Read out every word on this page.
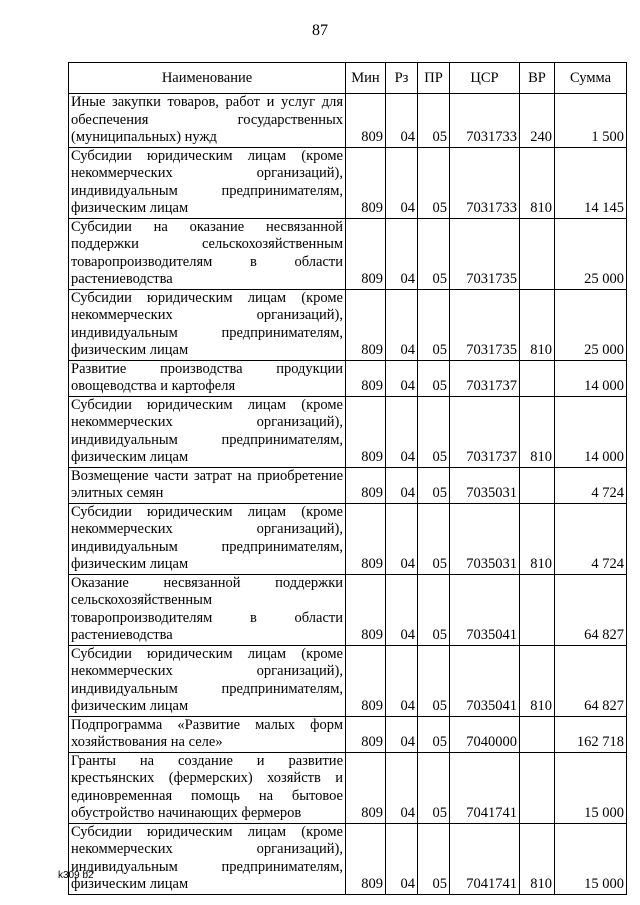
87
Наименование	Мин	Рз	ПР	ЦСР	ВР	Сумма
Иные закупки товаров, работ и услуг для обеспечения государственных (муниципальных) нужд	809	04	05	7031733	240	1 500
Субсидии юридическим лицам (кроме некоммерческих организаций), индивидуальным предпринимателям, физическим лицам	809	04	05	7031733	810	14 145
Субсидии на оказание несвязанной поддержки сельскохозяйственным товаропроизводителям в области растениеводства	809	04	05	7031735		25 000
Субсидии юридическим лицам (кроме некоммерческих организаций), индивидуальным предпринимателям, физическим лицам	809	04	05	7031735	810	25 000
Развитие производства продукции овощеводства и картофеля	809	04	05	7031737		14 000
Субсидии юридическим лицам (кроме некоммерческих организаций), индивидуальным предпринимателям, физическим лицам	809	04	05	7031737	810	14 000
Возмещение части затрат на приобретение элитных семян	809	04	05	7035031		4 724
Субсидии юридическим лицам (кроме некоммерческих организаций), индивидуальным предпринимателям, физическим лицам	809	04	05	7035031	810	4 724
Оказание несвязанной поддержки сельскохозяйственным товаропроизводителям в области растениеводства	809	04	05	7035041		64 827
Субсидии юридическим лицам (кроме некоммерческих организаций), индивидуальным предпринимателям, физическим лицам	809	04	05	7035041	810	64 827
Подпрограмма «Развитие малых форм хозяйствования на селе»	809	04	05	7040000		162 718
Гранты на создание и развитие крестьянских (фермерских) хозяйств и единовременная помощь на бытовое обустройство начинающих фермеров	809	04	05	7041741		15 000
Субсидии юридическим лицам (кроме некоммерческих организаций), индивидуальным предпринимателям, физическим лицам	809	04	05	7041741	810	15 000
k309 b2
